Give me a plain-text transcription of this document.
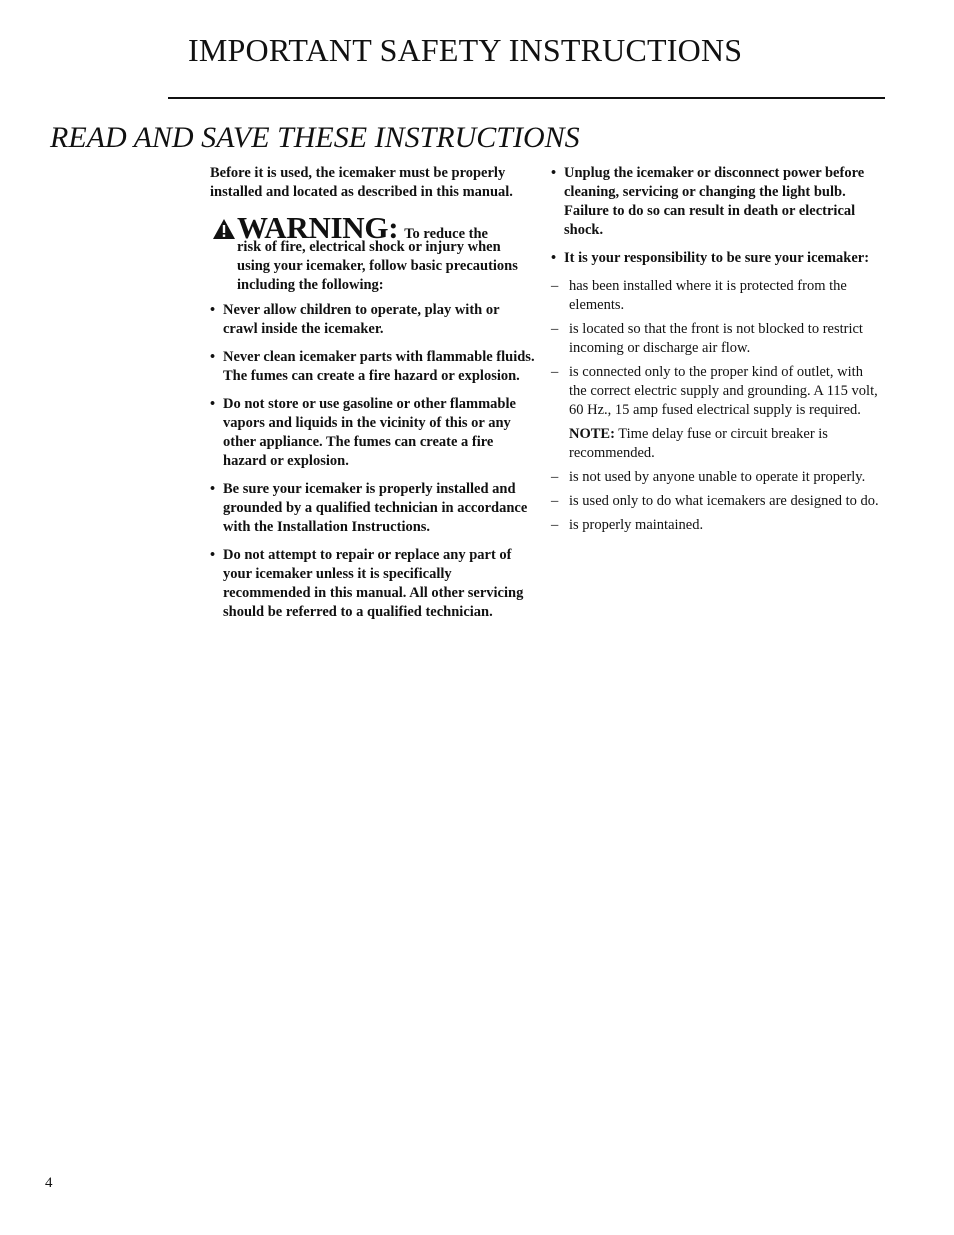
IMPORTANT SAFETY INSTRUCTIONS
READ AND SAVE THESE INSTRUCTIONS

Before it is used, the icemaker must be properly installed and located as described in this manual.

WARNING: To reduce the
risk of fire, electrical shock or injury when using your icemaker, follow basic precautions including the following:
• Never allow children to operate, play with or crawl inside the icemaker.
• Never clean icemaker parts with flammable fluids. The fumes can create a fire hazard or explosion.
• Do not store or use gasoline or other flammable vapors and liquids in the vicinity of this or any other appliance. The fumes can create a fire hazard or explosion.
• Be sure your icemaker is properly installed and grounded by a qualified technician in accordance with the Installation Instructions.
• Do not attempt to repair or replace any part of your icemaker unless it is specifically recommended in this manual. All other servicing should be referred to a qualified technician.
• Unplug the icemaker or disconnect power before cleaning, servicing or changing the light bulb. Failure to do so can result in death or electrical shock.
• It is your responsibility to be sure your icemaker:
– has been installed where it is protected from the elements.
– is located so that the front is not blocked to restrict incoming or discharge air flow.
– is connected only to the proper kind of outlet, with the correct electric supply and grounding. A 115 volt, 60 Hz., 15 amp fused electrical supply is required.

NOTE: Time delay fuse or circuit breaker is recommended.

– is not used by anyone unable to operate it properly.
– is used only to do what icemakers are designed to do.
– is properly maintained.
4
